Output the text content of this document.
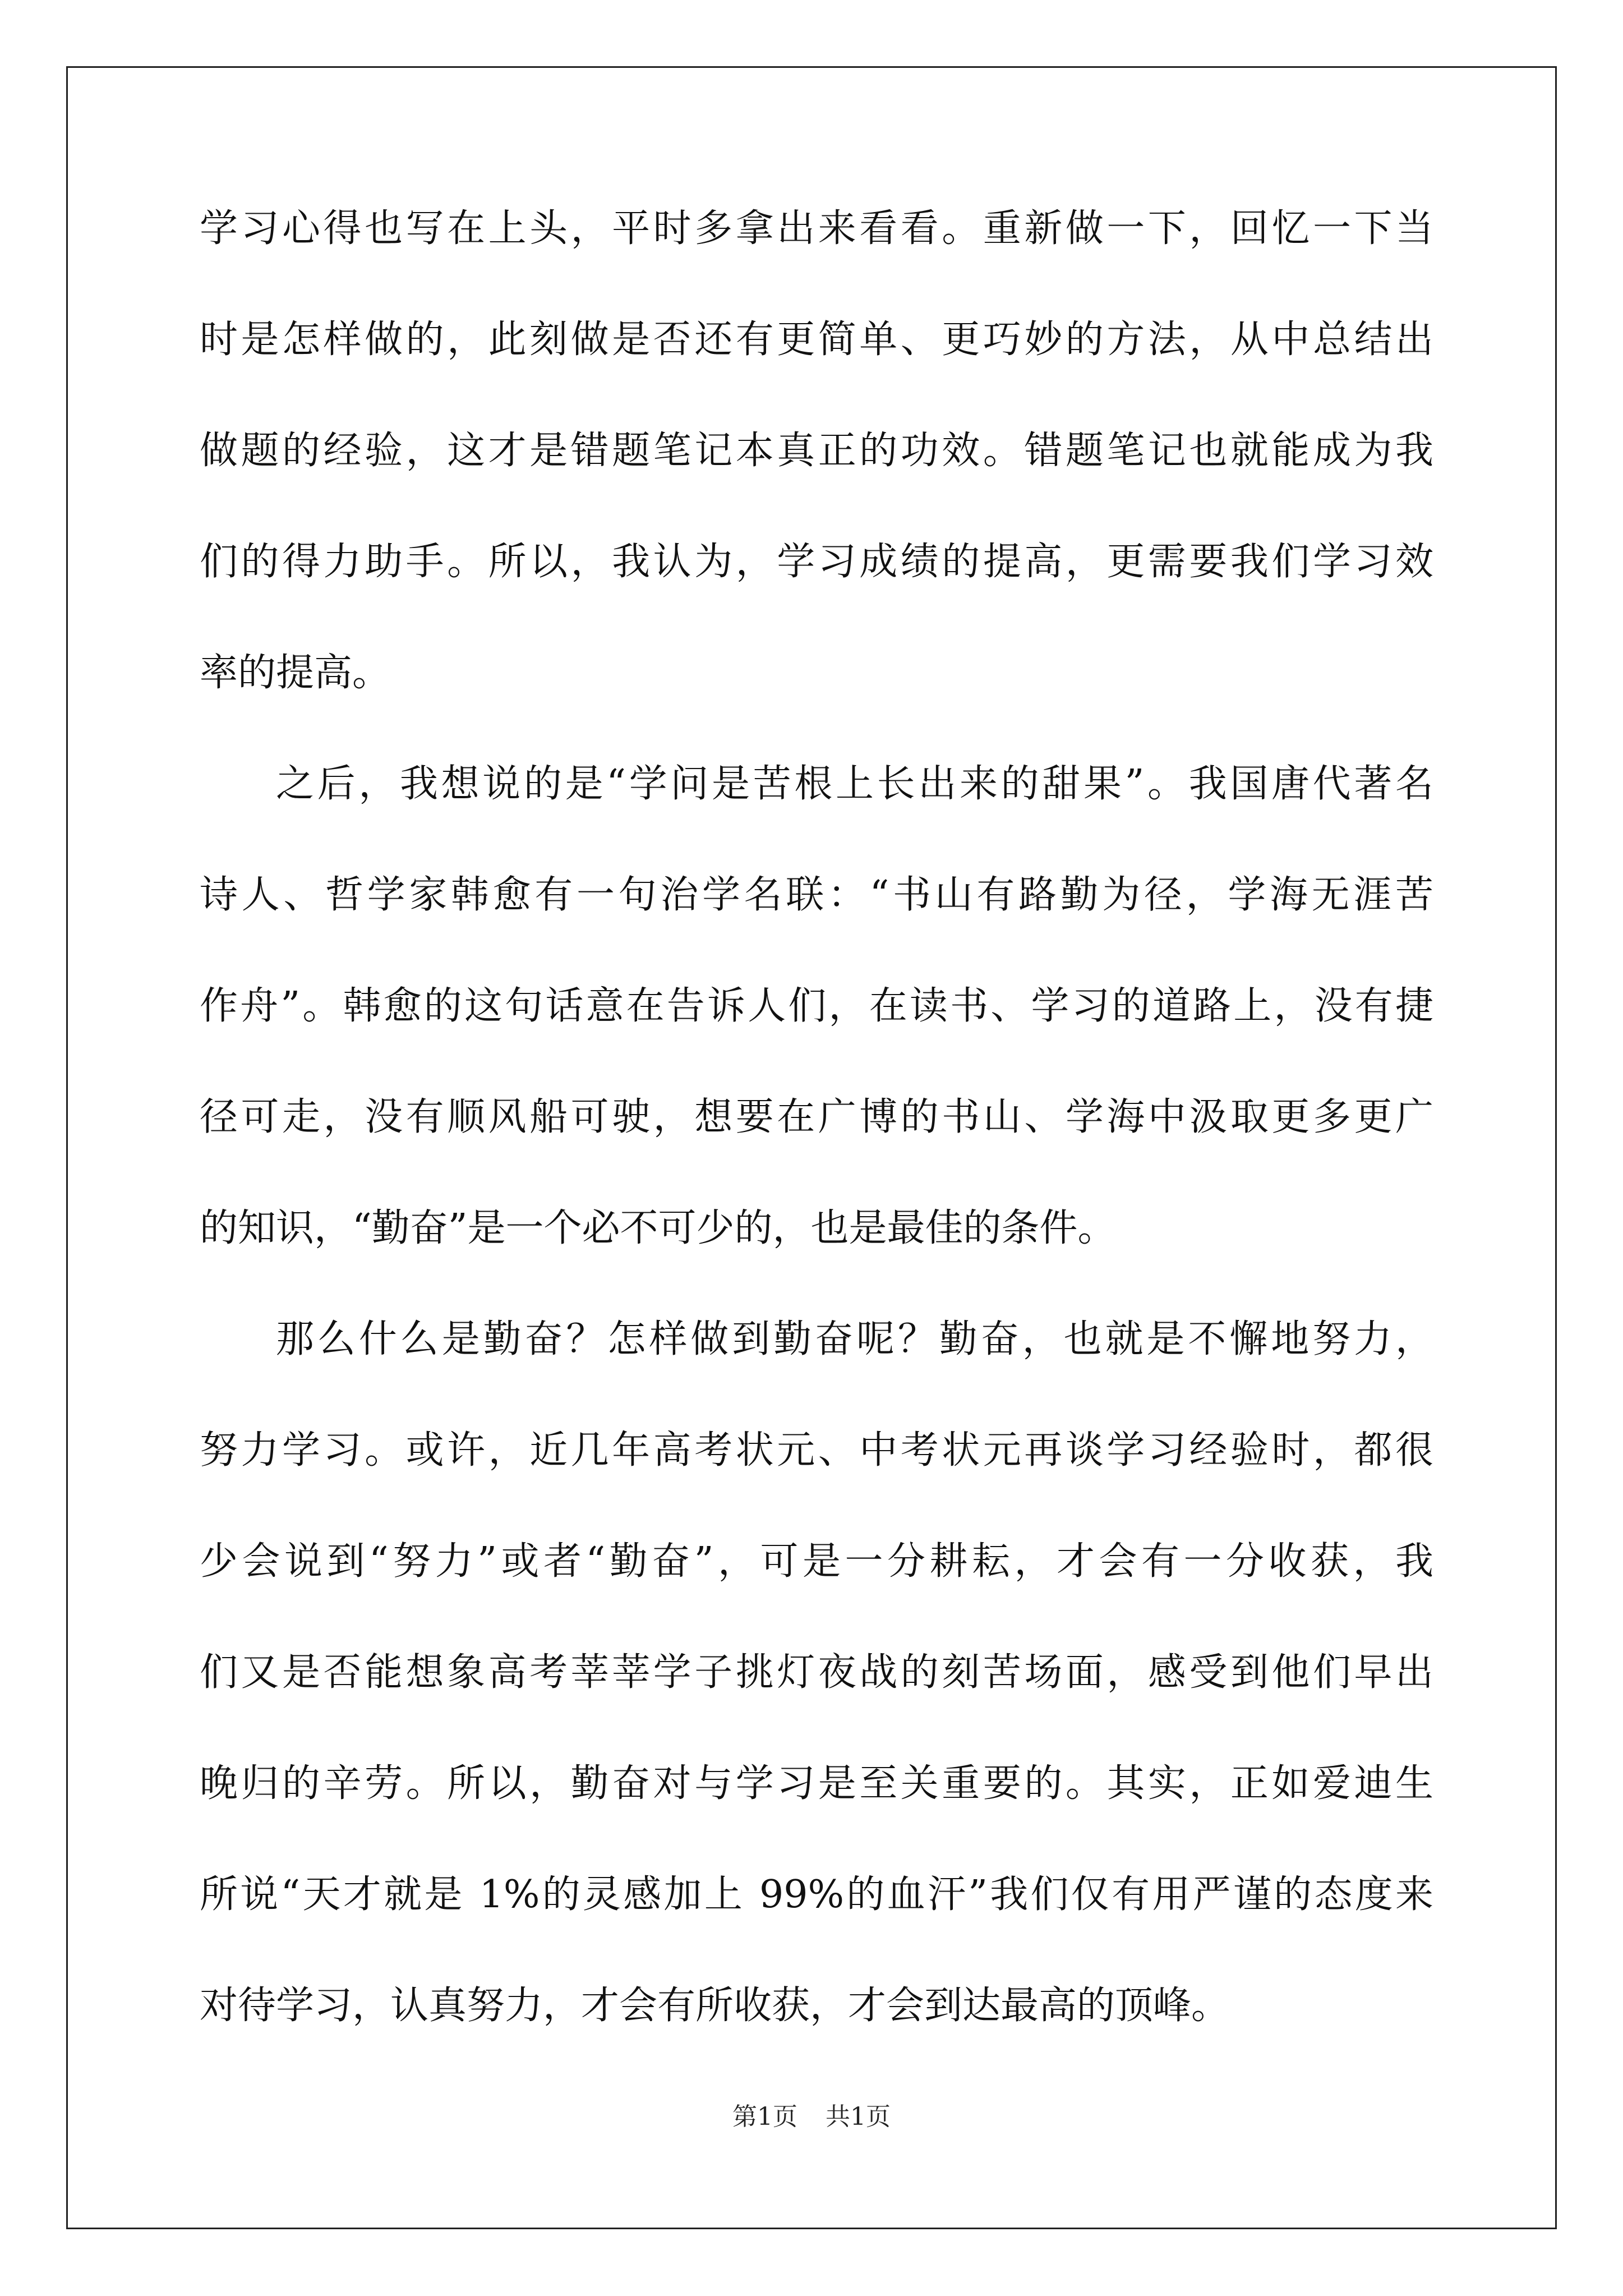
学习心得也写在上头，平时多拿出来看看。重新做一下，回忆一下当
时是怎样做的，此刻做是否还有更简单、更巧妙的方法，从中总结出
做题的经验，这才是错题笔记本真正的功效。错题笔记也就能成为我
们的得力助手。所以，我认为，学习成绩的提高，更需要我们学习效
率的提高。
之后，我想说的是“学问是苦根上长出来的甜果”。我国唐代著名
诗人、哲学家韩愈有一句治学名联：“书山有路勤为径，学海无涯苦
作舟”。韩愈的这句话意在告诉人们，在读书、学习的道路上，没有捷
径可走，没有顺风船可驶，想要在广博的书山、学海中汲取更多更广
的知识，“勤奋”是一个必不可少的，也是最佳的条件。
那么什么是勤奋？怎样做到勤奋呢？勤奋，也就是不懈地努力，
努力学习。或许，近几年高考状元、中考状元再谈学习经验时，都很
少会说到“努力”或者“勤奋”，可是一分耕耘，才会有一分收获，我
们又是否能想象高考莘莘学子挑灯夜战的刻苦场面，感受到他们早出
晚归的辛劳。所以，勤奋对与学习是至关重要的。其实，正如爱迪生
所说“天才就是 1%的灵感加上 99%的血汗”我们仅有用严谨的态度来
对待学习，认真努力，才会有所收获，才会到达最高的顶峰。
第1页 共1页
